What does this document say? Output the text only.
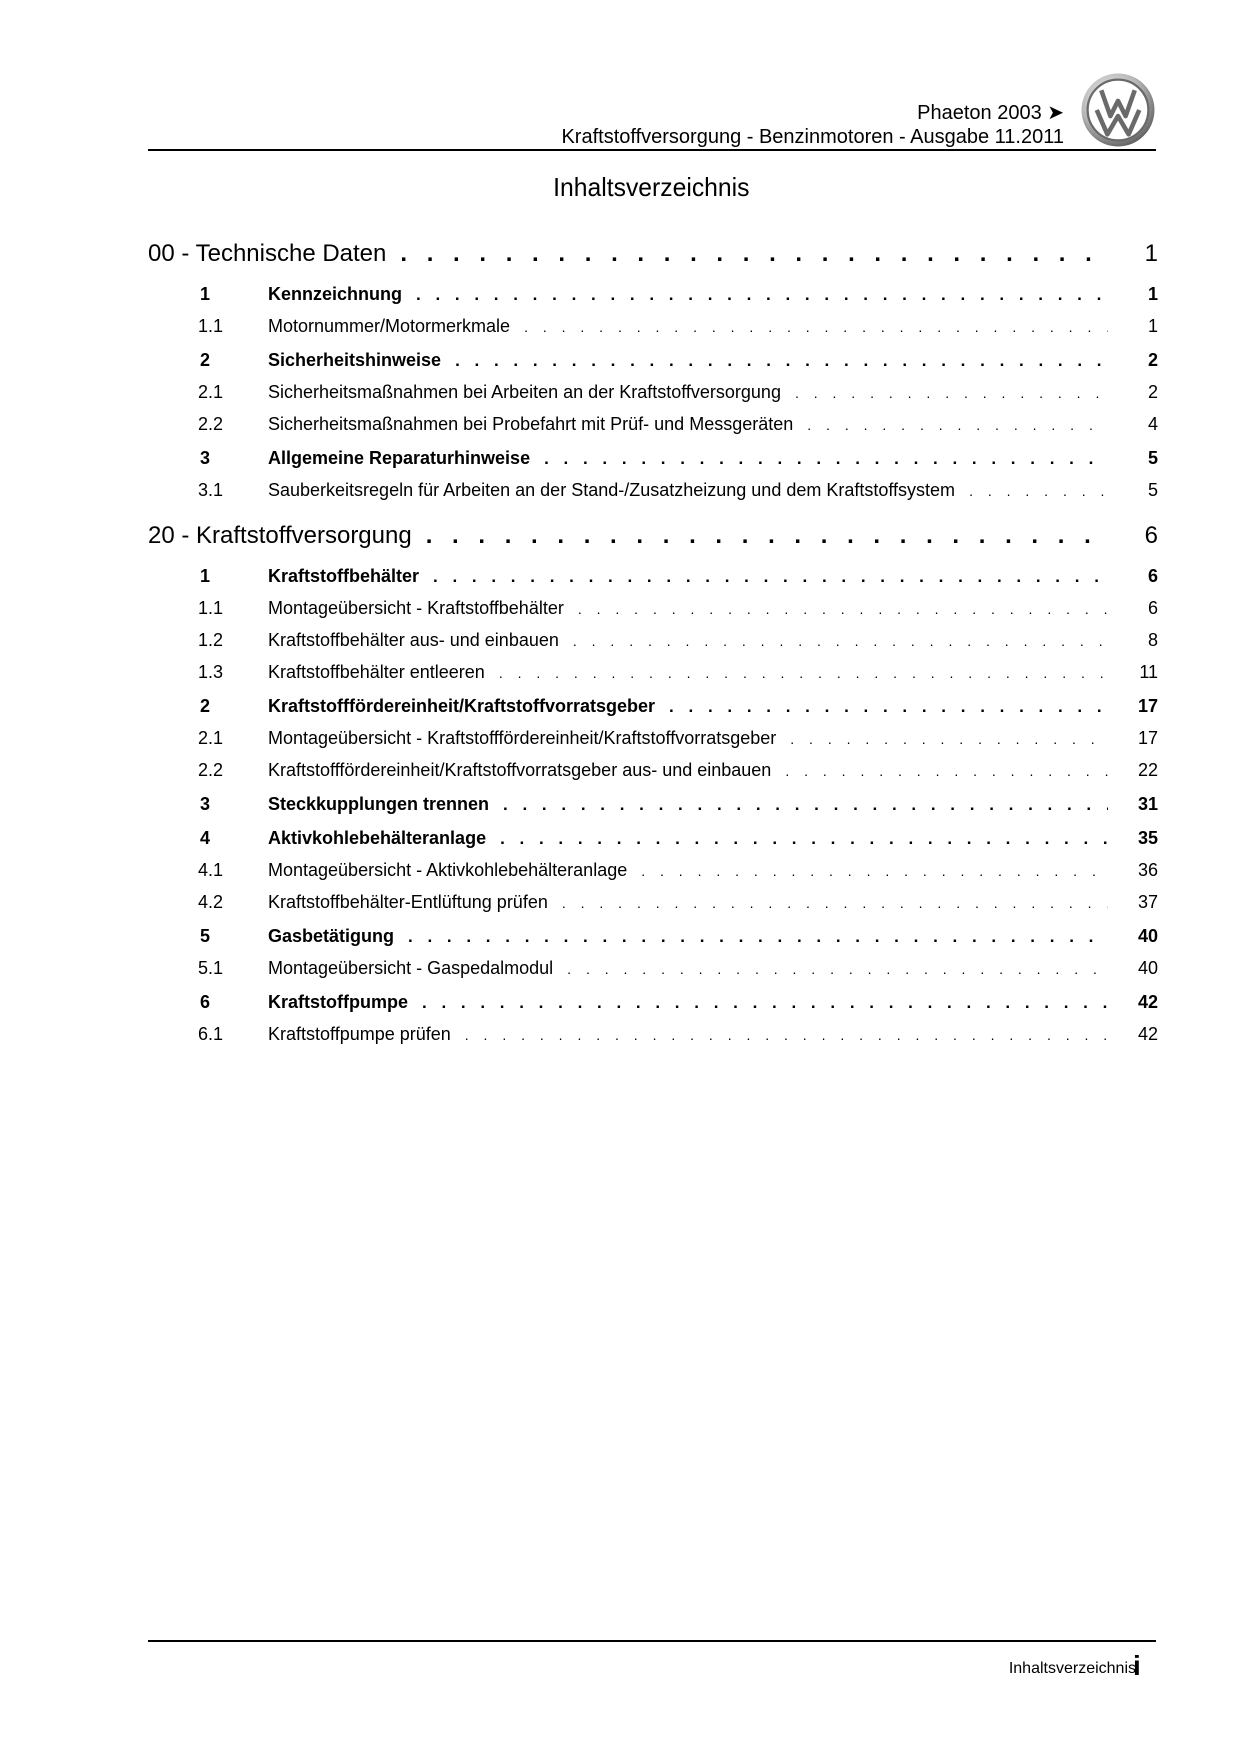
Phaeton 2003 ➤
Kraftstoffversorgung - Benzinmotoren - Ausgabe 11.2011
Inhaltsverzeichnis
00 - Technische Daten . . .	1
1	Kennzeichnung . . .	1
1.1	Motornummer/Motormerkmale . . .	1
2	Sicherheitshinweise . . .	2
2.1	Sicherheitsmaßnahmen bei Arbeiten an der Kraftstoffversorgung . . .	2
2.2	Sicherheitsmaßnahmen bei Probefahrt mit Prüf- und Messgeräten . . .	4
3	Allgemeine Reparaturhinweise . . .	5
3.1	Sauberkeitsregeln für Arbeiten an der Stand-/Zusatzheizung und dem Kraftstoffsystem . . .	5
20 - Kraftstoffversorgung . . .	6
1	Kraftstoffbehälter . . .	6
1.1	Montageübersicht - Kraftstoffbehälter . . .	6
1.2	Kraftstoffbehälter aus- und einbauen . . .	8
1.3	Kraftstoffbehälter entleeren . . .	11
2	Kraftstofffördereinheit/Kraftstoffvorratsgeber . . .	17
2.1	Montageübersicht - Kraftstofffördereinheit/Kraftstoffvorratsgeber . . .	17
2.2	Kraftstofffördereinheit/Kraftstoffvorratsgeber aus- und einbauen . . .	22
3	Steckkupplungen trennen . . .	31
4	Aktivkohlebehälteranlage . . .	35
4.1	Montageübersicht - Aktivkohlebehälteranlage . . .	36
4.2	Kraftstoffbehälter-Entlüftung prüfen . . .	37
5	Gasbetätigung . . .	40
5.1	Montageübersicht - Gaspedalmodul . . .	40
6	Kraftstoffpumpe . . .	42
6.1	Kraftstoffpumpe prüfen . . .	42
Inhaltsverzeichnis
i
